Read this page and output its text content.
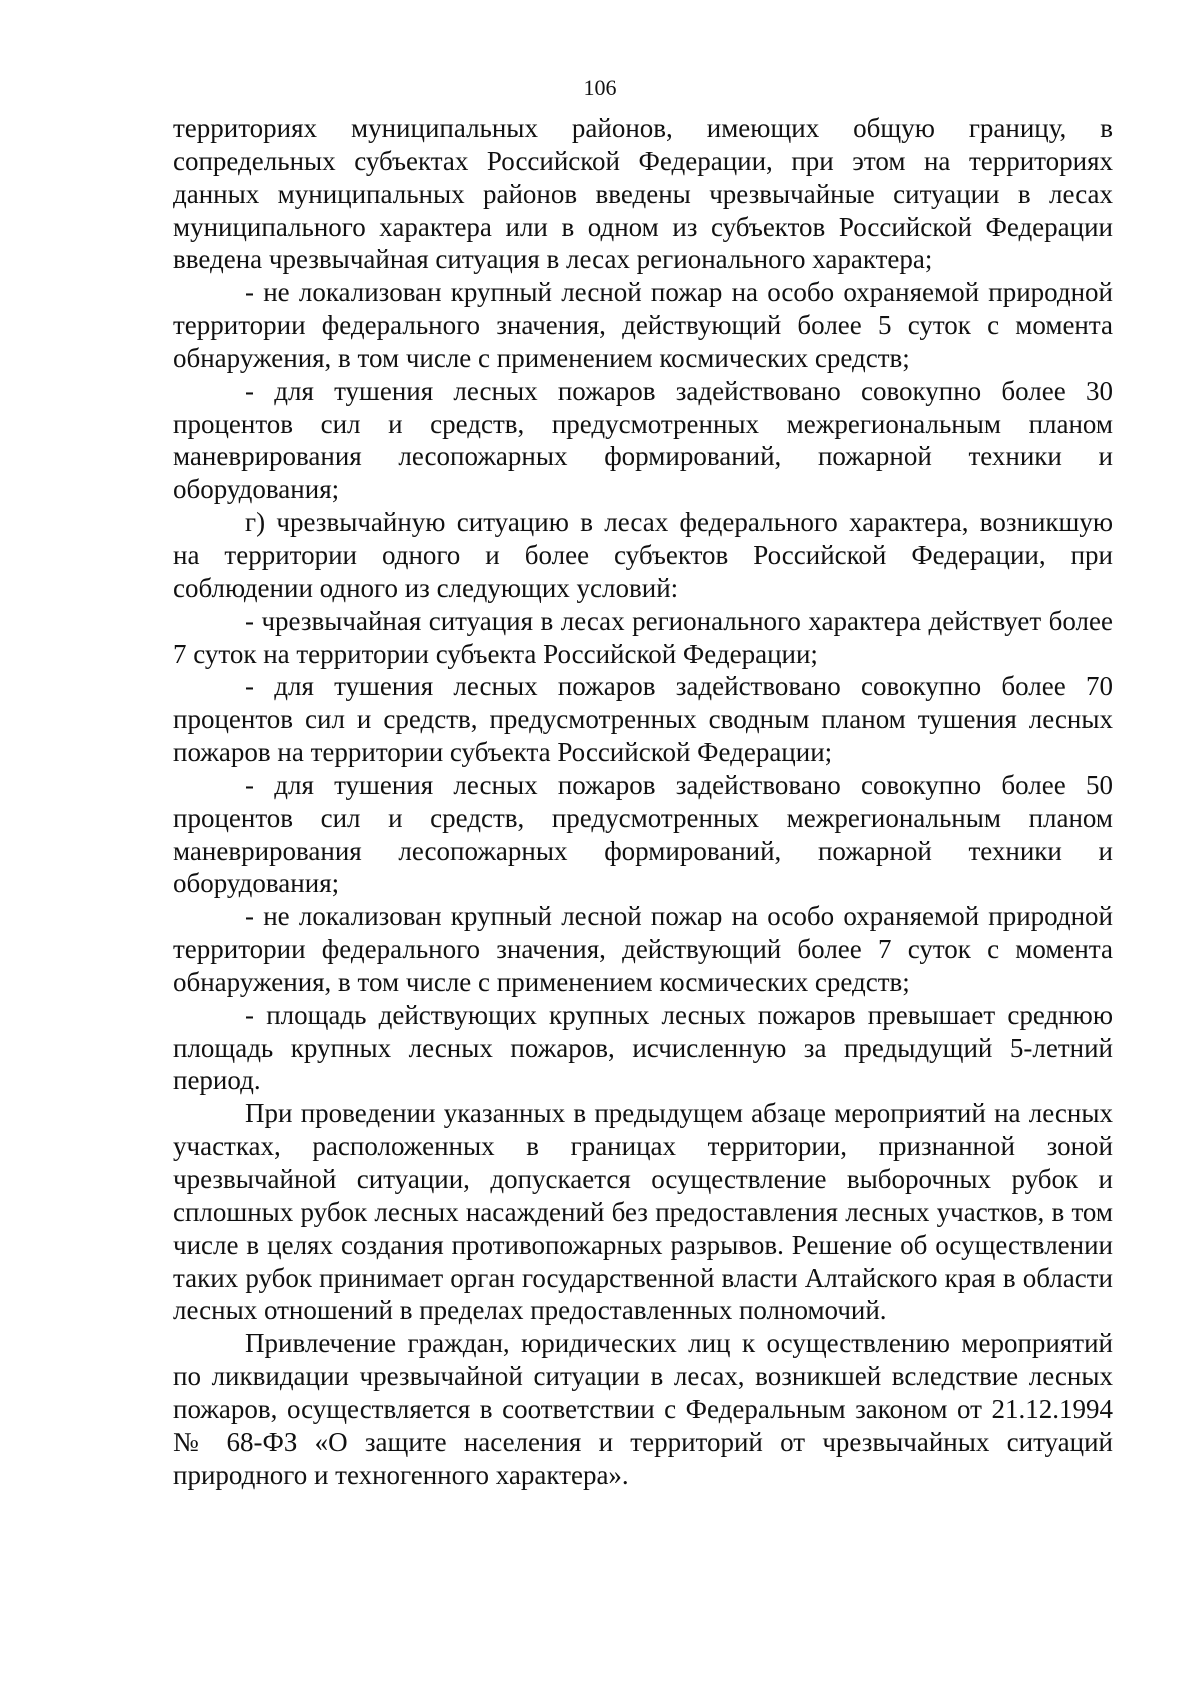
106

территориях муниципальных районов, имеющих общую границу, в сопредельных субъектах Российской Федерации, при этом на территориях данных муниципальных районов введены чрезвычайные ситуации в лесах муниципального характера или в одном из субъектов Российской Федерации введена чрезвычайная ситуация в лесах регионального характера;

- не локализован крупный лесной пожар на особо охраняемой природной территории федерального значения, действующий более 5 суток с момента обнаружения, в том числе с применением космических средств;

- для тушения лесных пожаров задействовано совокупно более 30 процентов сил и средств, предусмотренных межрегиональным планом маневрирования лесопожарных формирований, пожарной техники и оборудования;

г) чрезвычайную ситуацию в лесах федерального характера, возникшую на территории одного и более субъектов Российской Федерации, при соблюдении одного из следующих условий:

- чрезвычайная ситуация в лесах регионального характера действует более 7 суток на территории субъекта Российской Федерации;

- для тушения лесных пожаров задействовано совокупно более 70 процентов сил и средств, предусмотренных сводным планом тушения лесных пожаров на территории субъекта Российской Федерации;

- для тушения лесных пожаров задействовано совокупно более 50 процентов сил и средств, предусмотренных межрегиональным планом маневрирования лесопожарных формирований, пожарной техники и оборудования;

- не локализован крупный лесной пожар на особо охраняемой природной территории федерального значения, действующий более 7 суток с момента обнаружения, в том числе с применением космических средств;

- площадь действующих крупных лесных пожаров превышает среднюю площадь крупных лесных пожаров, исчисленную за предыдущий 5-летний период.

При проведении указанных в предыдущем абзаце мероприятий на лесных участках, расположенных в границах территории, признанной зоной чрезвычайной ситуации, допускается осуществление выборочных рубок и сплошных рубок лесных насаждений без предоставления лесных участков, в том числе в целях создания противопожарных разрывов. Решение об осуществлении таких рубок принимает орган государственной власти Алтайского края в области лесных отношений в пределах предоставленных полномочий.

Привлечение граждан, юридических лиц к осуществлению мероприятий по ликвидации чрезвычайной ситуации в лесах, возникшей вследствие лесных пожаров, осуществляется в соответствии с Федеральным законом от 21.12.1994 № 68-ФЗ «О защите населения и территорий от чрезвычайных ситуаций природного и техногенного характера».
